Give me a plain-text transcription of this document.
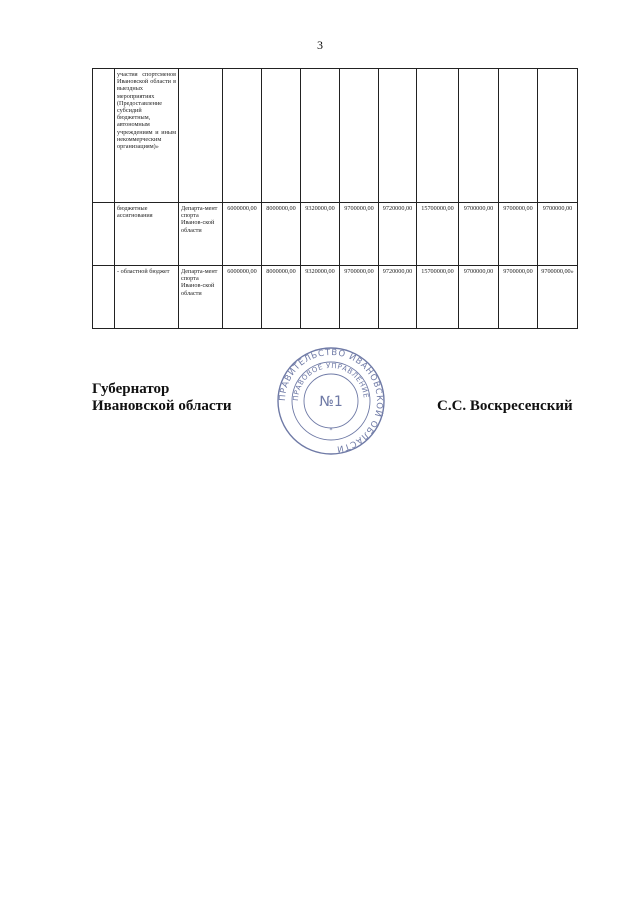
3
	участия спортсменов Ивановской области в выездных мероприятиях (Предоставление субсидий бюджетным, автономным учреждениям и иным некоммерческим организациям)»										
	бюджетные ассигнования	Департа-мент спорта Иванов-ской области	6000000,00	8000000,00	9320000,00	9700000,00	9720000,00	15700000,00	9700000,00	9700000,00	9700000,00
	- областной бюджет	Департа-мент спорта Иванов-ской области	6000000,00	8000000,00	9320000,00	9700000,00	9720000,00	15700000,00	9700000,00	9700000,00	9700000,00»
Губернатор
Ивановской области	С.С. Воскресенский
ПРАВИТЕЛЬСТВО ИВАНОВСКОЙ ОБЛАСТИ
ПРАВОВОЕ УПРАВЛЕНИЕ
№1
*
